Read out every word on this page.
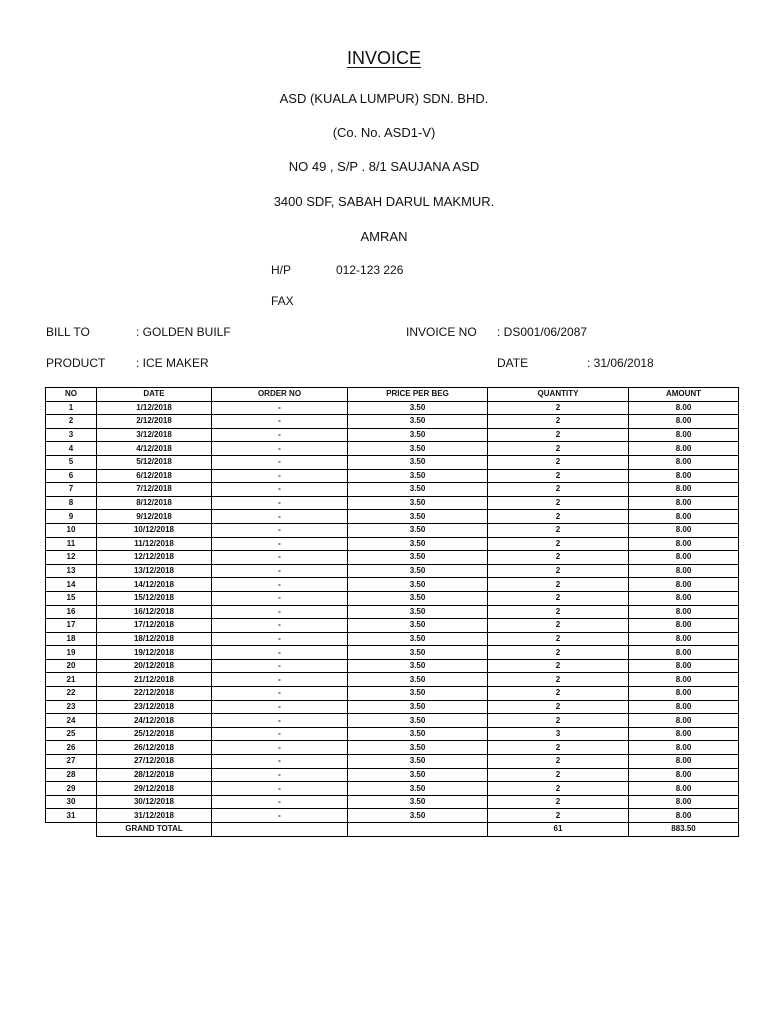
INVOICE
ASD (KUALA LUMPUR) SDN. BHD.
(Co. No. ASD1-V)
NO 49 , S/P . 8/1 SAUJANA ASD
3400 SDF, SABAH DARUL MAKMUR.
AMRAN
H/P	012-123 226
FAX
BILL TO	: GOLDEN BUILF	INVOICE NO : DS001/06/2087
PRODUCT	: ICE MAKER	DATE	: 31/06/2018
NO	DATE	ORDER NO	PRICE PER BEG	QUANTITY	AMOUNT
1	1/12/2018	-	3.50	2	8.00
2	2/12/2018	-	3.50	2	8.00
3	3/12/2018	-	3.50	2	8.00
4	4/12/2018	-	3.50	2	8.00
5	5/12/2018	-	3.50	2	8.00
6	6/12/2018	-	3.50	2	8.00
7	7/12/2018	-	3.50	2	8.00
8	8/12/2018	-	3.50	2	8.00
9	9/12/2018	-	3.50	2	8.00
10	10/12/2018	-	3.50	2	8.00
11	11/12/2018	-	3.50	2	8.00
12	12/12/2018	-	3.50	2	8.00
13	13/12/2018	-	3.50	2	8.00
14	14/12/2018	-	3.50	2	8.00
15	15/12/2018	-	3.50	2	8.00
16	16/12/2018	-	3.50	2	8.00
17	17/12/2018	-	3.50	2	8.00
18	18/12/2018	-	3.50	2	8.00
19	19/12/2018	-	3.50	2	8.00
20	20/12/2018	-	3.50	2	8.00
21	21/12/2018	-	3.50	2	8.00
22	22/12/2018	-	3.50	2	8.00
23	23/12/2018	-	3.50	2	8.00
24	24/12/2018	-	3.50	2	8.00
25	25/12/2018	-	3.50	3	8.00
26	26/12/2018	-	3.50	2	8.00
27	27/12/2018	-	3.50	2	8.00
28	28/12/2018	-	3.50	2	8.00
29	29/12/2018	-	3.50	2	8.00
30	30/12/2018	-	3.50	2	8.00
31	31/12/2018	-	3.50	2	8.00
	GRAND TOTAL			61	883.50
